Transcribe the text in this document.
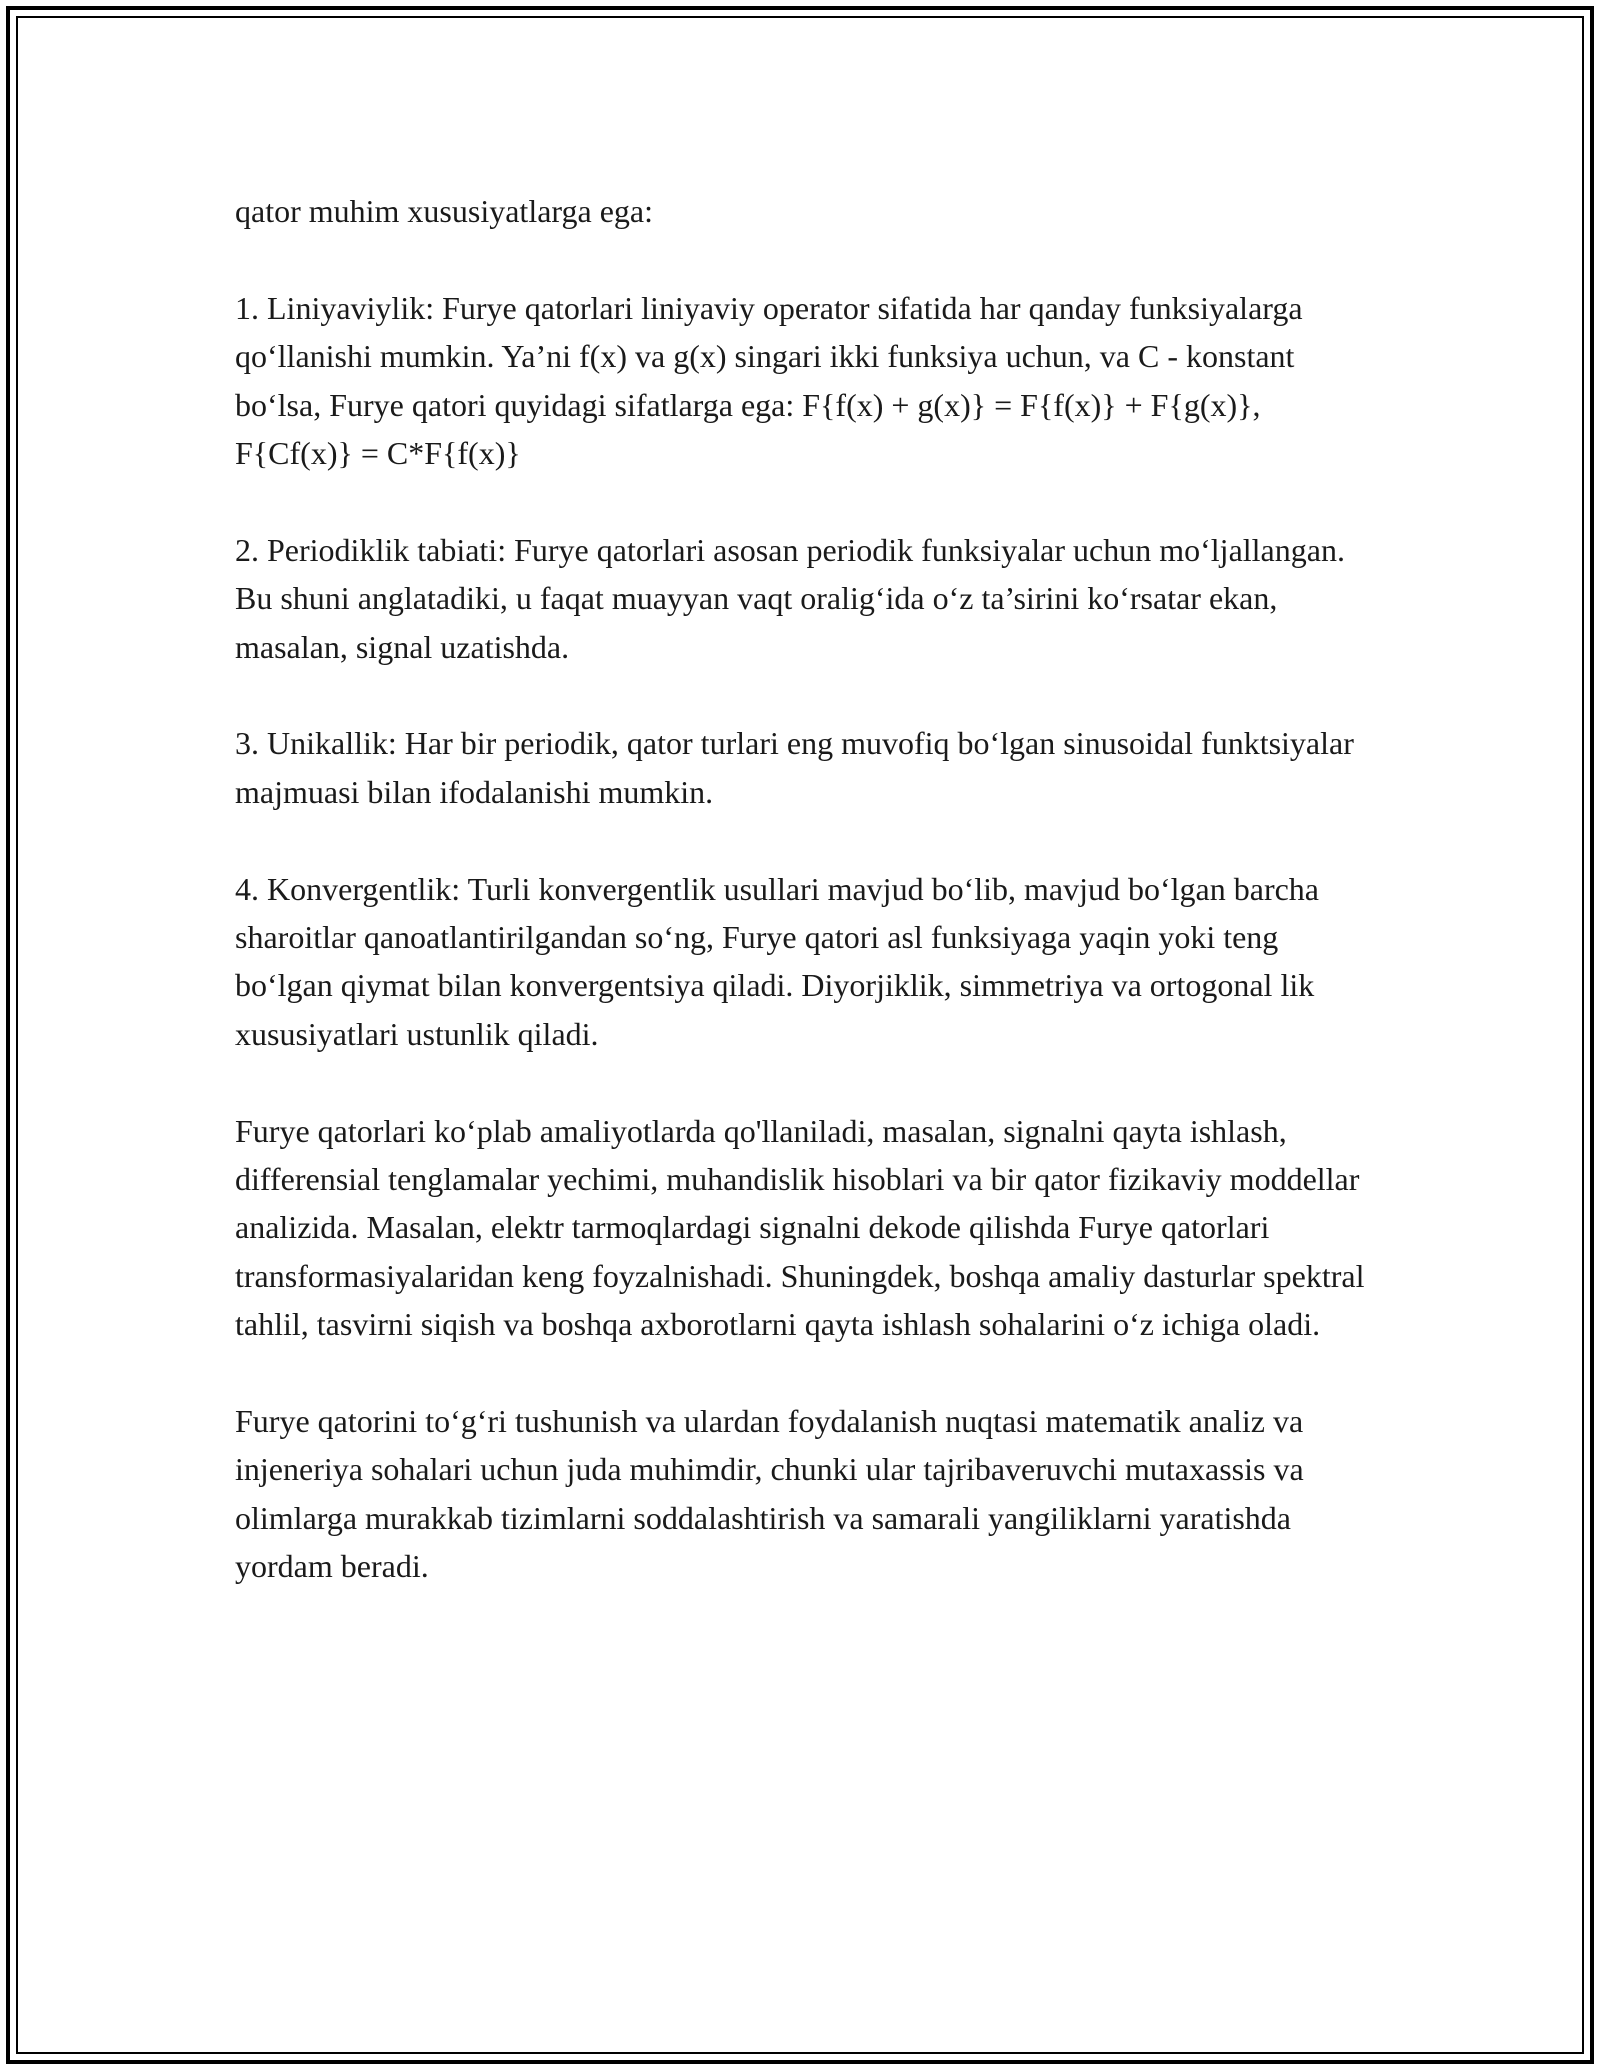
qator muhim xususiyatlarga ega:

1. Liniyaviylik: Furye qatorlari liniyaviy operator sifatida har qanday funksiyalarga qo‘llanishi mumkin. Ya’ni f(x) va g(x) singari ikki funksiya uchun, va C - konstant bo‘lsa, Furye qatori quyidagi sifatlarga ega: F{f(x) + g(x)} = F{f(x)} + F{g(x)}, F{Cf(x)} = C*F{f(x)}

2. Periodiklik tabiati: Furye qatorlari asosan periodik funksiyalar uchun mo‘ljallangan. Bu shuni anglatadiki, u faqat muayyan vaqt oralig‘ida o‘z ta’sirini ko‘rsatar ekan, masalan, signal uzatishda.

3. Unikallik: Har bir periodik, qator turlari eng muvofiq bo‘lgan sinusoidal funktsiyalar majmuasi bilan ifodalanishi mumkin.

4. Konvergentlik: Turli konvergentlik usullari mavjud bo‘lib, mavjud bo‘lgan barcha sharoitlar qanoatlantirilgandan so‘ng, Furye qatori asl funksiyaga yaqin yoki teng bo‘lgan qiymat bilan konvergentsiya qiladi. Diyorjiklik, simmetriya va ortogonal lik xususiyatlari ustunlik qiladi.

Furye qatorlari ko‘plab amaliyotlarda qo'llaniladi, masalan, signalni qayta ishlash, differensial tenglamalar yechimi, muhandislik hisoblari va bir qator fizikaviy moddellar analizida. Masalan, elektr tarmoqlardagi signalni dekode qilishda Furye qatorlari transformasiyalaridan keng foyzalnishadi. Shuningdek, boshqa amaliy dasturlar spektral tahlil, tasvirni siqish va boshqa axborotlarni qayta ishlash sohalarini o‘z ichiga oladi.

Furye qatorini to‘g‘ri tushunish va ulardan foydalanish nuqtasi matematik analiz va injeneriya sohalari uchun juda muhimdir, chunki ular tajribaveruvchi mutaxassis va olimlarga murakkab tizimlarni soddalashtirish va samarali yangiliklarni yaratishda yordam beradi.
